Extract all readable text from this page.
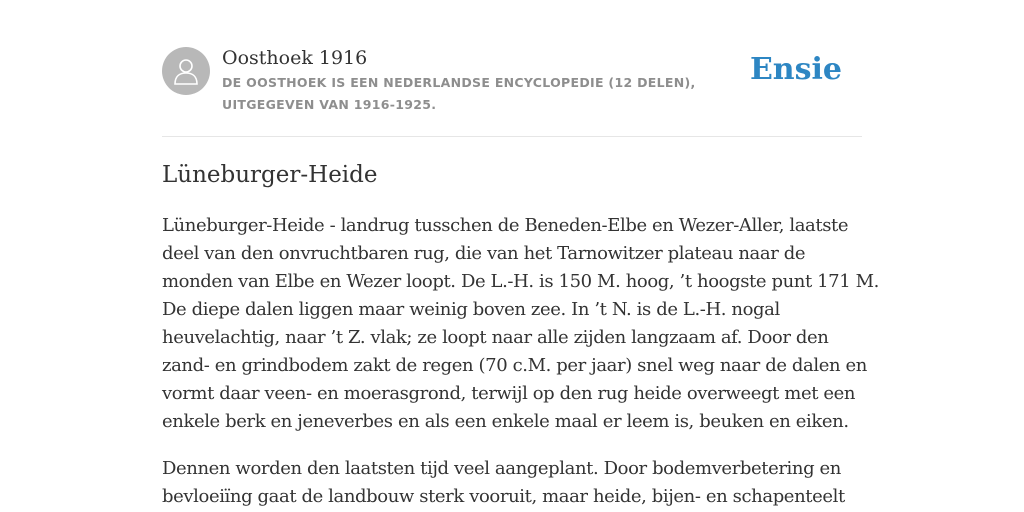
Oosthoek 1916
DE OOSTHOEK IS EEN NEDERLANDSE ENCYCLOPEDIE (12 DELEN), UITGEGEVEN VAN 1916-1925.
Ensie
Lüneburger-Heide

Lüneburger-Heide - landrug tusschen de Beneden-Elbe en Wezer-Aller, laatste
deel van den onvruchtbaren rug, die van het Tarnowitzer plateau naar de
monden van Elbe en Wezer loopt. De L.-H. is 150 M. hoog, ’t hoogste punt 171 M.
De diepe dalen liggen maar weinig boven zee. In ’t N. is de L.-H. nogal
heuvelachtig, naar ’t Z. vlak; ze loopt naar alle zijden langzaam af. Door den
zand- en grindbodem zakt de regen (70 c.M. per jaar) snel weg naar de dalen en
vormt daar veen- en moerasgrond, terwijl op den rug heide overweegt met een
enkele berk en jeneverbes en als een enkele maal er leem is, beuken en eiken.

Dennen worden den laatsten tijd veel aangeplant. Door bodemverbetering en
bevloeiïng gaat de landbouw sterk vooruit, maar heide, bijen- en schapenteelt
